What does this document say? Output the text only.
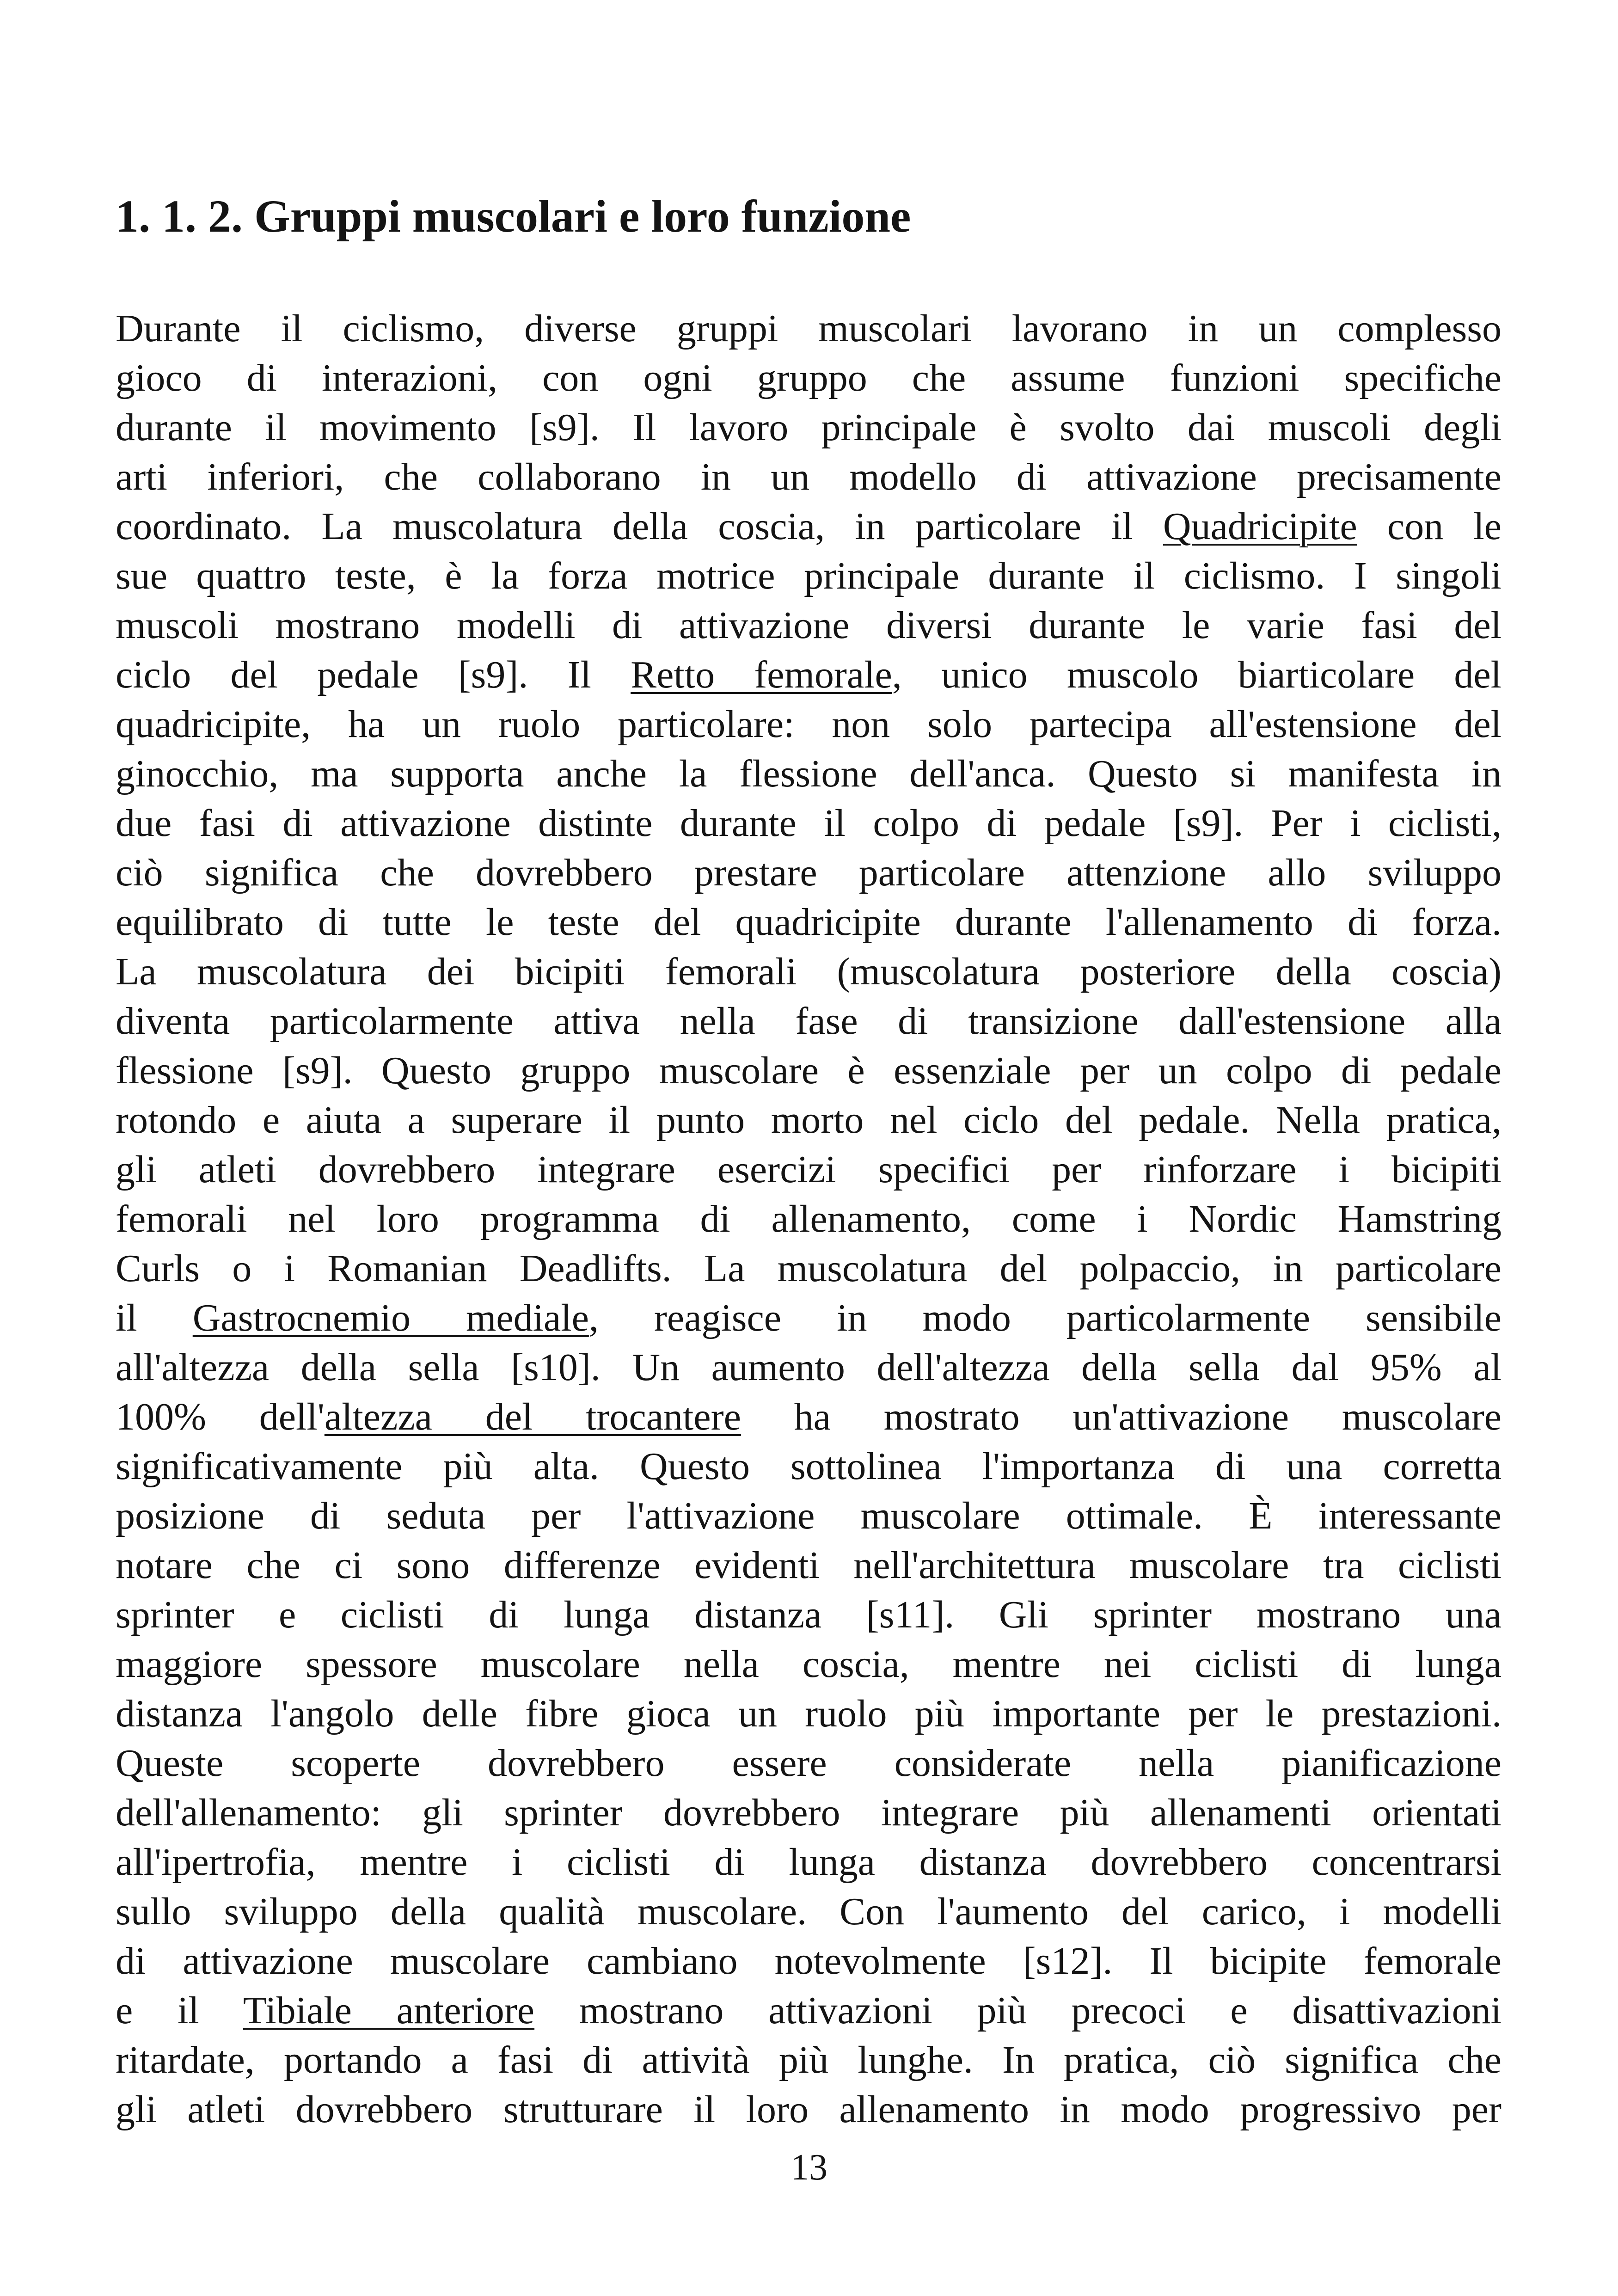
1. 1. 2. Gruppi muscolari e loro funzione
Durante il ciclismo, diverse gruppi muscolari lavorano in un complesso
gioco di interazioni, con ogni gruppo che assume funzioni specifiche
durante il movimento [s9]. Il lavoro principale è svolto dai muscoli degli
arti inferiori, che collaborano in un modello di attivazione precisamente
coordinato. La muscolatura della coscia, in particolare il Quadricipite con le
sue quattro teste, è la forza motrice principale durante il ciclismo. I singoli
muscoli mostrano modelli di attivazione diversi durante le varie fasi del
ciclo del pedale [s9]. Il Retto femorale, unico muscolo biarticolare del
quadricipite, ha un ruolo particolare: non solo partecipa all'estensione del
ginocchio, ma supporta anche la flessione dell'anca. Questo si manifesta in
due fasi di attivazione distinte durante il colpo di pedale [s9]. Per i ciclisti,
ciò significa che dovrebbero prestare particolare attenzione allo sviluppo
equilibrato di tutte le teste del quadricipite durante l'allenamento di forza.
La muscolatura dei bicipiti femorali (muscolatura posteriore della coscia)
diventa particolarmente attiva nella fase di transizione dall'estensione alla
flessione [s9]. Questo gruppo muscolare è essenziale per un colpo di pedale
rotondo e aiuta a superare il punto morto nel ciclo del pedale. Nella pratica,
gli atleti dovrebbero integrare esercizi specifici per rinforzare i bicipiti
femorali nel loro programma di allenamento, come i Nordic Hamstring
Curls o i Romanian Deadlifts. La muscolatura del polpaccio, in particolare
il Gastrocnemio mediale, reagisce in modo particolarmente sensibile
all'altezza della sella [s10]. Un aumento dell'altezza della sella dal 95% al
100% dell'altezza del trocantere ha mostrato un'attivazione muscolare
significativamente più alta. Questo sottolinea l'importanza di una corretta
posizione di seduta per l'attivazione muscolare ottimale. È interessante
notare che ci sono differenze evidenti nell'architettura muscolare tra ciclisti
sprinter e ciclisti di lunga distanza [s11]. Gli sprinter mostrano una
maggiore spessore muscolare nella coscia, mentre nei ciclisti di lunga
distanza l'angolo delle fibre gioca un ruolo più importante per le prestazioni.
Queste scoperte dovrebbero essere considerate nella pianificazione
dell'allenamento: gli sprinter dovrebbero integrare più allenamenti orientati
all'ipertrofia, mentre i ciclisti di lunga distanza dovrebbero concentrarsi
sullo sviluppo della qualità muscolare. Con l'aumento del carico, i modelli
di attivazione muscolare cambiano notevolmente [s12]. Il bicipite femorale
e il Tibiale anteriore mostrano attivazioni più precoci e disattivazioni
ritardate, portando a fasi di attività più lunghe. In pratica, ciò significa che
gli atleti dovrebbero strutturare il loro allenamento in modo progressivo per
13
